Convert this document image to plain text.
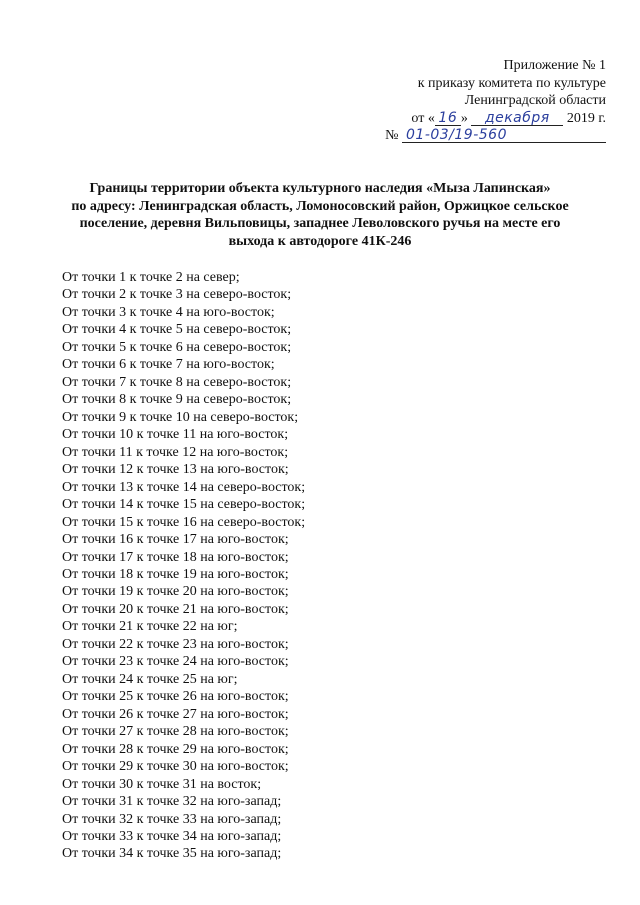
Приложение № 1
к приказу комитета по культуре
Ленинградской области
от « 16 » декабря 2019 г.
№ 01-03/19-560
Границы территории объекта культурного наследия «Мыза Лапинская»
по адресу: Ленинградская область, Ломоносовский район, Оржицкое сельское
поселение, деревня Вильповицы, западнее Леволовского ручья на месте его
выхода к автодороге 41К-246
От точки 1 к точке 2 на север;
От точки 2 к точке 3 на северо-восток;
От точки 3 к точке 4 на юго-восток;
От точки 4 к точке 5 на северо-восток;
От точки 5 к точке 6 на северо-восток;
От точки 6 к точке 7 на юго-восток;
От точки 7 к точке 8 на северо-восток;
От точки 8 к точке 9 на северо-восток;
От точки 9 к точке 10 на северо-восток;
От точки 10 к точке 11 на юго-восток;
От точки 11 к точке 12 на юго-восток;
От точки 12 к точке 13 на юго-восток;
От точки 13 к точке 14 на северо-восток;
От точки 14 к точке 15 на северо-восток;
От точки 15 к точке 16 на северо-восток;
От точки 16 к точке 17 на юго-восток;
От точки 17 к точке 18 на юго-восток;
От точки 18 к точке 19 на юго-восток;
От точки 19 к точке 20 на юго-восток;
От точки 20 к точке 21 на юго-восток;
От точки 21 к точке 22 на юг;
От точки 22 к точке 23 на юго-восток;
От точки 23 к точке 24 на юго-восток;
От точки 24 к точке 25 на юг;
От точки 25 к точке 26 на юго-восток;
От точки 26 к точке 27 на юго-восток;
От точки 27 к точке 28 на юго-восток;
От точки 28 к точке 29 на юго-восток;
От точки 29 к точке 30 на юго-восток;
От точки 30 к точке 31 на восток;
От точки 31 к точке 32 на юго-запад;
От точки 32 к точке 33 на юго-запад;
От точки 33 к точке 34 на юго-запад;
От точки 34 к точке 35 на юго-запад;
